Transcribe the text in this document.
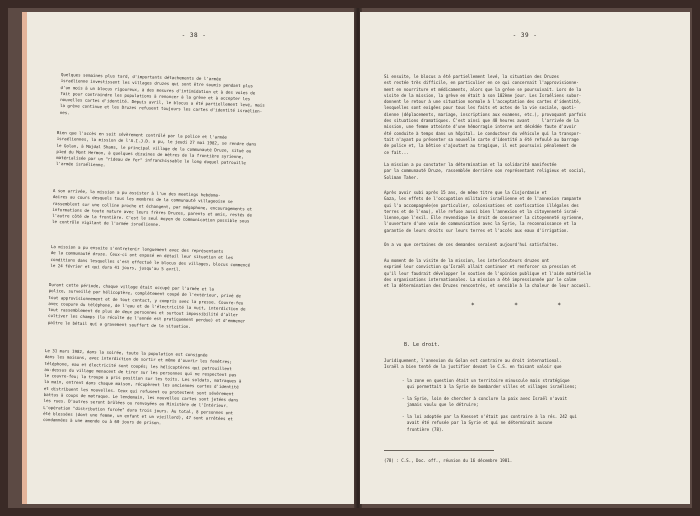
- 38 -
Quelques semaines plus tard, d'importants détachements de l'armée
israélienne investissent les villages druzes qui sont être soumis pendant plus
d'un mois à un blocus rigoureux, à des mesures d'intimidation et à des voies de
fait pour contraindre les populations à renoncer à la grève et à accepter les
nouvelles cartes d'identité. Depuis avril, le blocus a été partiellement levé, mais
la grève continue et les Druzes refusent toujours les cartes d'identité israélien-
nes.
Bien que l'accès en soit sévèrement contrôlé par la police et l'armée
israéliennes, la mission de l'A.I.J.D. a pu, le jeudi 27 mai 1982, se rendre dans
le Golan, à Majdal Shams, le principal village de la communauté Druze, situé au
pied du Mont Hermon, à quelques dizaines de mètres de la frontière syrienne,
matérialisée par un "rideau de fer" infranchissable le long duquel patrouille
l'armée israélienne.
A son arrivée, la mission a pu assister à l'un des meetings hebdoma-
daires au cours desquels tous les membres de la communauté villageoise se
rassemblent sur une colline proche et échangent, par mégaphone, encouragements et
informations de toute nature avec leurs frères Druzes, parents et amis, restés de
l'autre côté de la frontière. C'est le seul moyen de communication possible sous
le contrôle vigilant de l'armée israélienne.
La mission a pu ensuite s'entretenir longuement avec des représentants
de la communauté druze. Ceux-ci ont exposé en détail leur situation et les
conditions dans lesquelles s'est effectué le blocus des villages, blocus commencé
le 24 février et qui dura 41 jours, jusqu'au 5 avril.
Durant cette période, chaque village était occupé par l'armée et la
police, surveillé par hélicoptère, complètement coupé de l'extérieur, privé de
tout approvisionnement et de tout contact, y compris avec la presse. Couvre-feu
avec coupure du téléphone, de l'eau et de l'électricité la nuit, interdiction de
tout rassemblement de plus de deux personnes et surtout impossibilité d'aller
cultiver les champs (la récolte de l'année est pratiquement perdue) et d'emmener
paître le bétail qui a gravement souffert de la situation.
Le 31 mars 1982, dans la soirée, toute la population est consignée
dans les maisons, avec interdiction de sortir et même d'ouvrir les fenêtres;
téléphone, eau et électricité sont coupés; les hélicoptères qui patrouillent
au-dessus du village menacent de tirer sur les personnes qui ne respectent pas
le couvre-feu; la troupe a pris position sur les toits. Les soldats, matraques à
la main, entrent dans chaque maison, récupèrent les anciennes cartes d'identité
et distribuent les nouvelles. Ceux qui refusent ou protestent sont sévèrement
battus à coups de matraque. Le lendemain, les nouvelles cartes sont jetées dans
les rues. D'autres seront brûlées ou renvoyées au Ministère de l'Intérieur.
L'opération "distribution forcée" dura trois jours. Au total, 8 personnes ont
été blessées (dont une femme, un enfant et un vieillard), 47 sont arrêtées et
condamnées à une amende ou à 60 jours de prison.
- 39 -
Si ensuite, le blocus a été partiellement levé, la situation des Druzes
est restée très difficile, en particulier en ce qui concernait l'approvisionne-
ment en nourriture et médicaments, alors que la grève se poursuivait. Lors de la
visite de la mission, la grève en était à son 102ème jour. Les Israéliens subor-
donnent le retour à une situation normale à l'acceptation des cartes d'identité,
lesquelles sont exigées pour tous les faits et actes de la vie sociale, quoti-
dienne (déplacements, mariage, inscriptions aux examens, etc.), provoquant parfois
des situations dramatiques. C'est ainsi que 48 heures avant     l'arrivée de la
mission, une femme atteinte d'une hémorragie interne ont décédée faute d'avoir
été conduite à temps dans un hôpital. Le conducteur du véhicule qui la transpor-
tait n'ayant pu présenter sa nouvelle carte d'identité a été refoulé au barrage
de police et, la bêtise s'ajoutant au tragique, il est poursuivi pénalement de
ce fait...
La mission a pu constater la détermination et la solidarité manifestée
par la communauté Druze, rassemblée derrière son représentant religieux et social,
Soliman Taher.
Après avoir subi après 15 ans, de même titre que la Cisjordanie et
Gaza, les effets de l'occupation militaire israélienne et de l'annexion rampante
qui l'a accompagnée(en particulier, colonisations et confiscation illégales des
terres et de l'eau), elle refuse aussi bien l'annexion et la citoyenneté israé-
lienne,que l'exil. Elle revendique le droit de conserver la citoyenneté syrienne,
l'ouverture d'une voie de communication avec la Syrie, la reconnaissance et la
garantie de leurs droits sur leurs terres et l'accès aux eaux d'irrigation.
On a vu que certaines de ces demandes seraient aujourd'hui satisfaites.
Au moment de la visite de la mission, les interlocuteurs druzes ont
exprimé leur conviction qu'Israël allait continuer et renforcer sa pression et
qu'il leur faudrait développer le soutien de l'opinion publique et l'aide matérielle
des organisations internationales. La mission a été impressionnée par le calme
et la détermination des Druzes rencontrés, et sensible à la chaleur de leur accueil.
* * *
B. Le droit.
Juridiquement, l'annexion du Golan est contraire au droit international.
Israël a bien tenté de la justifier devant le C.S. en faisant valoir que
- la zone en question était un territoire minuscule mais stratégique
qui permettait à la Syrie de bombarder villes et villages israéliens;
- la Syrie, loin de chercher à conclure la paix avec Israël n'avait
jamais voulu que le détruire;
- la loi adoptée par la Knesset n'était pas contraire à la rés. 242 qui
avait été refusée par la Syrie et qui ne déterminait aucune
frontière (78).
(78) : C.S., Doc. off., réunion du 16 décembre 1981.
